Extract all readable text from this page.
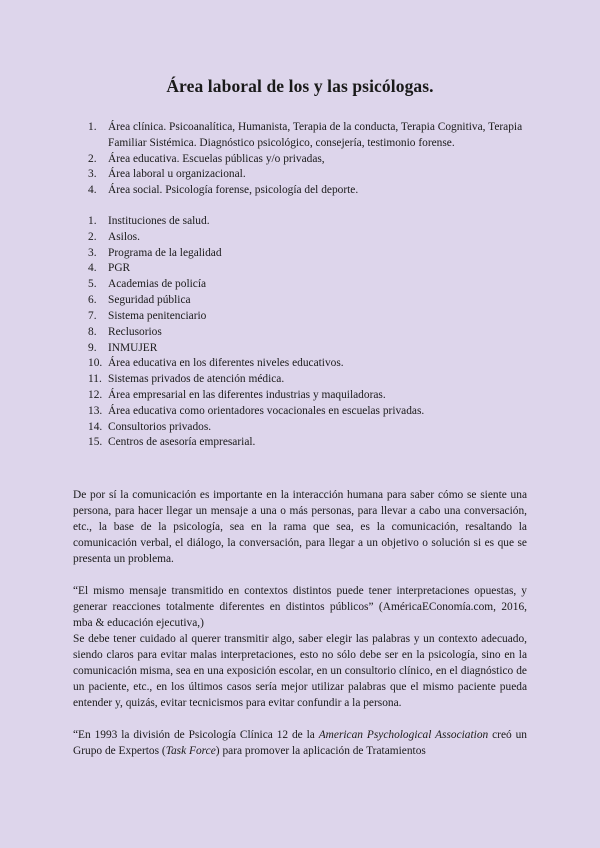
Área laboral de los y las psicólogas.
1. Área clínica. Psicoanalítica, Humanista, Terapia de la conducta, Terapia Cognitiva, Terapia Familiar Sistémica. Diagnóstico psicológico, consejería, testimonio forense.
2. Área educativa. Escuelas públicas y/o privadas,
3. Área laboral u organizacional.
4. Área social. Psicología forense, psicología del deporte.
1. Instituciones de salud.
2. Asilos.
3. Programa de la legalidad
4. PGR
5. Academias de policía
6. Seguridad pública
7. Sistema penitenciario
8. Reclusorios
9. INMUJER
10. Área educativa en los diferentes niveles educativos.
11. Sistemas privados de atención médica.
12. Área empresarial en las diferentes industrias y maquiladoras.
13. Área educativa como orientadores vocacionales en escuelas privadas.
14. Consultorios privados.
15. Centros de asesoría empresarial.

De por sí la comunicación es importante en la interacción humana para saber cómo se siente una persona, para hacer llegar un mensaje a una o más personas, para llevar a cabo una conversación, etc., la base de la psicología, sea en la rama que sea, es la comunicación, resaltando la comunicación verbal, el diálogo, la conversación, para llegar a un objetivo o solución si es que se presenta un problema.

“El mismo mensaje transmitido en contextos distintos puede tener interpretaciones opuestas, y generar reacciones totalmente diferentes en distintos públicos” (AméricaEConomía.com, 2016, mba & educación ejecutiva,)

Se debe tener cuidado al querer transmitir algo, saber elegir las palabras y un contexto adecuado, siendo claros para evitar malas interpretaciones, esto no sólo debe ser en la psicología, sino en la comunicación misma, sea en una exposición escolar, en un consultorio clínico, en el diagnóstico de un paciente, etc., en los últimos casos sería mejor utilizar palabras que el mismo paciente pueda entender y, quizás, evitar tecnicismos para evitar confundir a la persona.

“En 1993 la división de Psicología Clínica 12 de la American Psychological Association creó un Grupo de Expertos (Task Force) para promover la aplicación de Tratamientos
